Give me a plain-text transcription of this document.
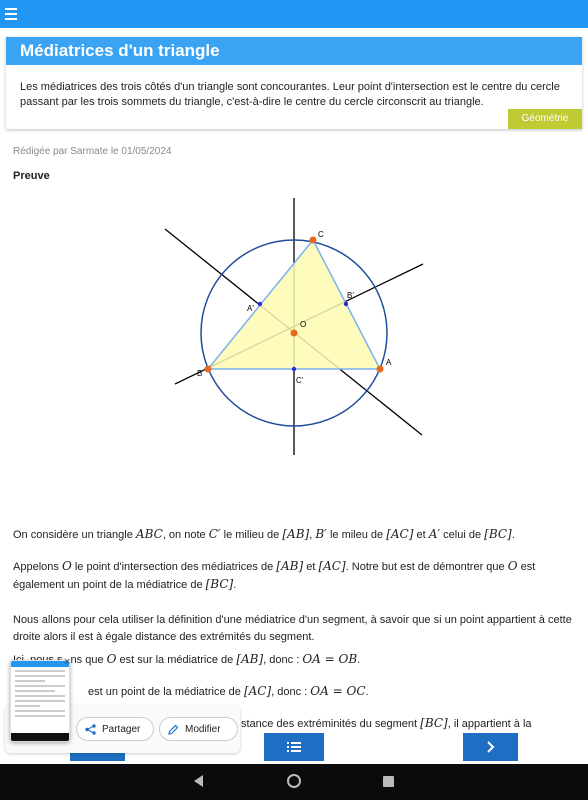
Médiatrices d'un triangle
Les médiatrices des trois côtés d'un triangle sont concourantes. Leur point d'intersection est le centre du cercle passant par les trois sommets du triangle, c'est-à-dire le centre du cercle circonscrit au triangle.
Géométrie
Rédigée par Sarmate le 01/05/2024
Preuve
C
B
A
O
A'
B'
C'
On considère un triangle ABC, on note C′ le milieu de [AB], B′ le mileu de [AC] et A′ celui de [BC].
Appelons O le point d'intersection des médiatrices de [AB] et [AC]. Notre but est de démontrer que O est également un point de la médiatrice de [BC].
Nous allons pour cela utiliser la définition d'une médiatrice d'un segment, à savoir que si un point appartient à cette droite alors il est à égale distance des extrémités du segment.
ns que O est sur la médiatrice de [AB], donc : OA = OB.
est un point de la médiatrice de [AC], donc : OA = OC.
stance des extréminités du segment [BC], il appartient à la
×
Partager	Modifier
